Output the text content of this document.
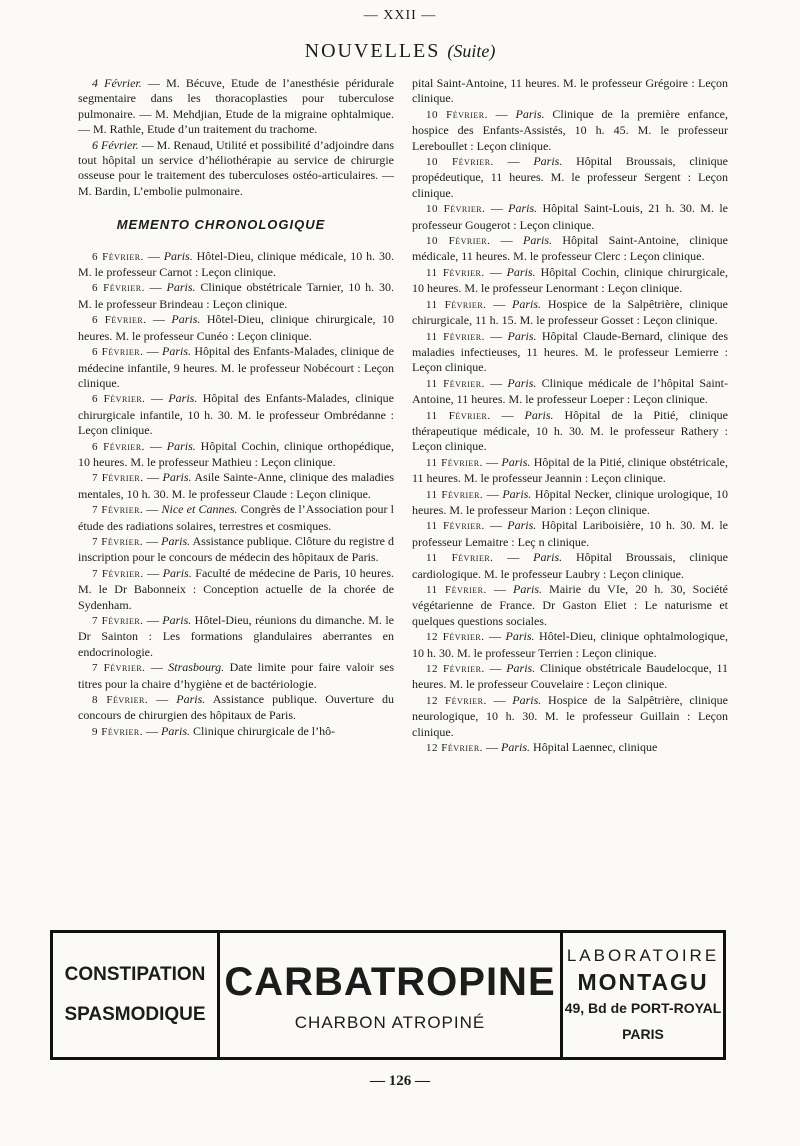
— XXII —
NOUVELLES (Suite)

4 Février. — M. Bécuve, Etude de l’anesthésie péridurale segmentaire dans les thoracoplasties pour tuberculose pulmonaire. — M. Mehdjian, Etude de la migraine ophtalmique. — M. Rathle, Etude d’un traitement du trachome.

6 Février. — M. Renaud, Utilité et possibilité d’adjoindre dans tout hôpital un service d’héliothérapie au service de chirurgie osseuse pour le traitement des tuberculoses ostéo-articulaires. — M. Bardin, L’embolie pulmonaire.

MEMENTO CHRONOLOGIQUE

6 Février. — Paris. Hôtel-Dieu, clinique médicale, 10 h. 30. M. le professeur Carnot : Leçon clinique.

6 Février. — Paris. Clinique obstétricale Tarnier, 10 h. 30. M. le professeur Brindeau : Leçon clinique.

6 Février. — Paris. Hôtel-Dieu, clinique chirurgicale, 10 heures. M. le professeur Cunéo : Leçon clinique.

6 Février. — Paris. Hôpital des Enfants-Malades, clinique de médecine infantile, 9 heures. M. le professeur Nobécourt : Leçon clinique.

6 Février. — Paris. Hôpital des Enfants-Malades, clinique chirurgicale infantile, 10 h. 30. M. le professeur Ombrédanne : Leçon clinique.

6 Février. — Paris. Hôpital Cochin, clinique orthopédique, 10 heures. M. le professeur Mathieu : Leçon clinique.

7 Février. — Paris. Asile Sainte-Anne, clinique des maladies mentales, 10 h. 30. M. le professeur Claude : Leçon clinique.

7 Février. — Nice et Cannes. Congrès de l’Association pour l étude des radiations solaires, terrestres et cosmiques.

7 Février. — Paris. Assistance publique. Clôture du registre d inscription pour le concours de médecin des hôpitaux de Paris.

7 Février. — Paris. Faculté de médecine de Paris, 10 heures. M. le Dr Babonneix : Conception actuelle de la chorée de Sydenham.

7 Février. — Paris. Hôtel-Dieu, réunions du dimanche. M. le Dr Sainton : Les formations glandulaires aberrantes en endocrinologie.

7 Février. — Strasbourg. Date limite pour faire valoir ses titres pour la chaire d’hygiène et de bactériologie.

8 Février. — Paris. Assistance publique. Ouverture du concours de chirurgien des hôpitaux de Paris.

9 Février. — Paris. Clinique chirurgicale de l’hô-

pital Saint-Antoine, 11 heures. M. le professeur Grégoire : Leçon clinique.

10 Février. — Paris. Clinique de la première enfance, hospice des Enfants-Assistés, 10 h. 45. M. le professeur Lereboullet : Leçon clinique.

10 Février. — Paris. Hôpital Broussais, clinique propédeutique, 11 heures. M. le professeur Sergent : Leçon clinique.

10 Février. — Paris. Hôpital Saint-Louis, 21 h. 30. M. le professeur Gougerot : Leçon clinique.

10 Février. — Paris. Hôpital Saint-Antoine, clinique médicale, 11 heures. M. le professeur Clerc : Leçon clinique.

11 Février. — Paris. Hôpital Cochin, clinique chirurgicale, 10 heures. M. le professeur Lenormant : Leçon clinique.

11 Février. — Paris. Hospice de la Salpêtrière, clinique chirurgicale, 11 h. 15. M. le professeur Gosset : Leçon clinique.

11 Février. — Paris. Hôpital Claude-Bernard, clinique des maladies infectieuses, 11 heures. M. le professeur Lemierre : Leçon clinique.

11 Février. — Paris. Clinique médicale de l’hôpital Saint-Antoine, 11 heures. M. le professeur Loeper : Leçon clinique.

11 Février. — Paris. Hôpital de la Pitié, clinique thérapeutique médicale, 10 h. 30. M. le professeur Rathery : Leçon clinique.

11 Février. — Paris. Hôpital de la Pitié, clinique obstétricale, 11 heures. M. le professeur Jeannin : Leçon clinique.

11 Février. — Paris. Hôpital Necker, clinique urologique, 10 heures. M. le professeur Marion : Leçon clinique.

11 Février. — Paris. Hôpital Lariboisière, 10 h. 30. M. le professeur Lemaitre : Leç n clinique.

11 Février. — Paris. Hôpital Broussais, clinique cardiologique. M. le professeur Laubry : Leçon clinique.

11 Février. — Paris. Mairie du VIe, 20 h. 30, Société végétarienne de France. Dr Gaston Eliet : Le naturisme et quelques questions sociales.

12 Février. — Paris. Hôtel-Dieu, clinique ophtalmologique, 10 h. 30. M. le professeur Terrien : Leçon clinique.

12 Février. — Paris. Clinique obstétricale Baudelocque, 11 heures. M. le professeur Couvelaire : Leçon clinique.

12 Février. — Paris. Hospice de la Salpêtrière, clinique neurologique, 10 h. 30. M. le professeur Guillain : Leçon clinique.

12 Février. — Paris. Hôpital Laennec, clinique

CONSTIPATION
SPASMODIQUE
CARBATROPINE
CHARBON ATROPINÉ
LABORATOIRE
MONTAGU
49, Bd de PORT-ROYAL
PARIS
— 126 —
